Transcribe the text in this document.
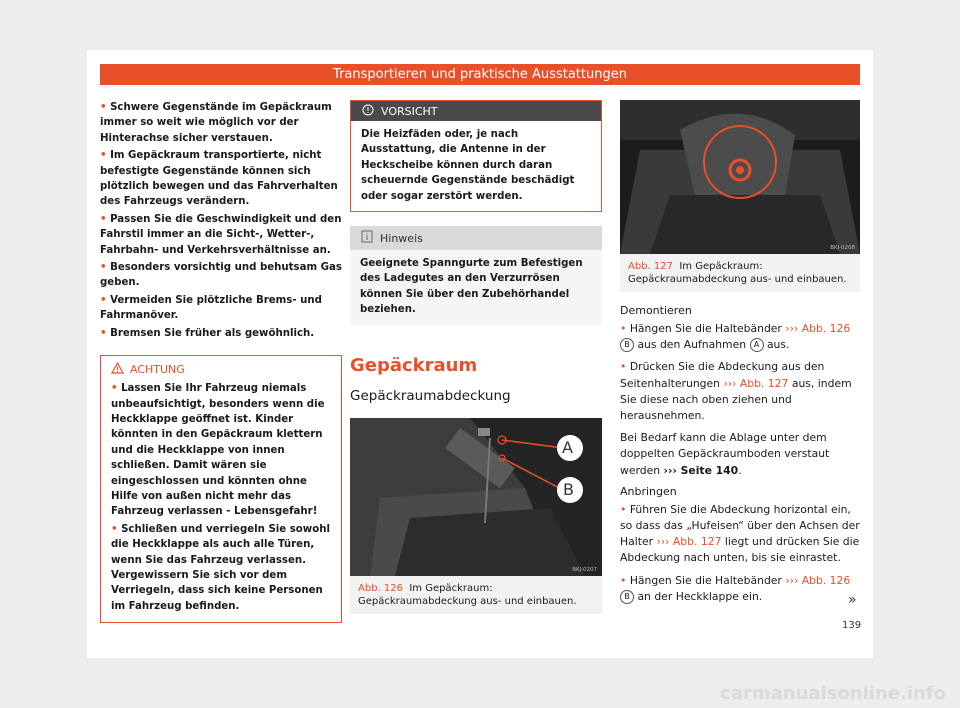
Transportieren und praktische Ausstattungen
• Schwere Gegenstände im Gepäckraum immer so weit wie möglich vor der Hinterachse sicher verstauen.
• Im Gepäckraum transportierte, nicht befestigte Gegenstände können sich plötzlich bewegen und das Fahrverhalten des Fahrzeugs verändern.
• Passen Sie die Geschwindigkeit und den Fahrstil immer an die Sicht-, Wetter-, Fahrbahn- und Verkehrsverhältnisse an.
• Besonders vorsichtig und behutsam Gas geben.
• Vermeiden Sie plötzliche Brems- und Fahrmanöver.
• Bremsen Sie früher als gewöhnlich.
ACHTUNG
• Lassen Sie Ihr Fahrzeug niemals unbeaufsichtigt, besonders wenn die Heckklappe geöffnet ist. Kinder könnten in den Gepäckraum klettern und die Heckklappe von innen schließen. Damit wären sie eingeschlossen und könnten ohne Hilfe von außen nicht mehr das Fahrzeug verlassen - Lebensgefahr!
• Schließen und verriegeln Sie sowohl die Heckklappe als auch alle Türen, wenn Sie das Fahrzeug verlassen. Vergewissern Sie sich vor dem Verriegeln, dass sich keine Personen im Fahrzeug befinden.
VORSICHT
Die Heizfäden oder, je nach Ausstattung, die Antenne in der Heckscheibe können durch daran scheuernde Gegenstände beschädigt oder sogar zerstört werden.
Hinweis
Geeignete Spanngurte zum Befestigen des Ladegutes an den Verzurrösen können Sie über den Zubehörhandel beziehen.
Gepäckraum
Gepäckraumabdeckung
A
B
BKJ-0207
Abb. 126 Im Gepäckraum: Gepäckraumabdeckung aus- und einbauen.
BKJ-0208
Abb. 127 Im Gepäckraum: Gepäckraumabdeckung aus- und einbauen.
Demontieren

• Hängen Sie die Haltebänder ››› Abb. 126 B aus den Aufnahmen A aus.

• Drücken Sie die Abdeckung aus den Seitenhalterungen ››› Abb. 127 aus, indem Sie diese nach oben ziehen und herausnehmen.

Bei Bedarf kann die Ablage unter dem doppelten Gepäckraumboden verstaut werden ››› Seite 140.

Anbringen

• Führen Sie die Abdeckung horizontal ein, so dass das „Hufeisen“ über den Achsen der Halter ››› Abb. 127 liegt und drücken Sie die Abdeckung nach unten, bis sie einrastet.

• Hängen Sie die Haltebänder ››› Abb. 126 B an der Heckklappe ein.	»
139
carmanualsonline.info
